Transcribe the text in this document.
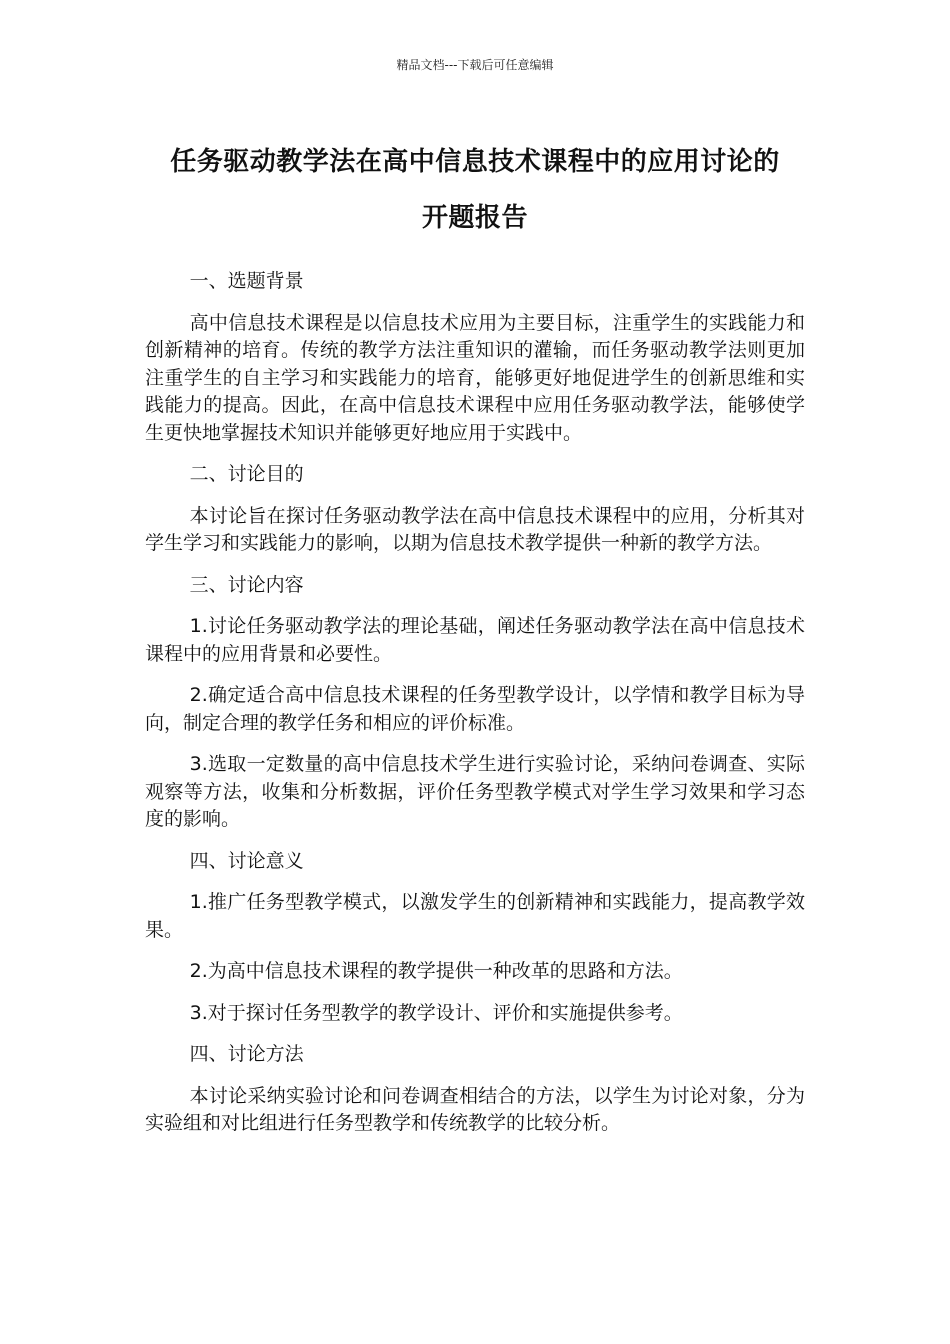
精品文档---下载后可任意编辑
任务驱动教学法在高中信息技术课程中的应用讨论的
开题报告

一、选题背景

高中信息技术课程是以信息技术应用为主要目标，注重学生的实践能力和创新精神的培育。传统的教学方法注重知识的灌输，而任务驱动教学法则更加注重学生的自主学习和实践能力的培育，能够更好地促进学生的创新思维和实践能力的提高。因此，在高中信息技术课程中应用任务驱动教学法，能够使学生更快地掌握技术知识并能够更好地应用于实践中。

二、讨论目的

本讨论旨在探讨任务驱动教学法在高中信息技术课程中的应用，分析其对学生学习和实践能力的影响，以期为信息技术教学提供一种新的教学方法。

三、讨论内容

1.讨论任务驱动教学法的理论基础，阐述任务驱动教学法在高中信息技术课程中的应用背景和必要性。

2.确定适合高中信息技术课程的任务型教学设计，以学情和教学目标为导向，制定合理的教学任务和相应的评价标准。

3.选取一定数量的高中信息技术学生进行实验讨论，采纳问卷调查、实际观察等方法，收集和分析数据，评价任务型教学模式对学生学习效果和学习态度的影响。

四、讨论意义

1.推广任务型教学模式，以激发学生的创新精神和实践能力，提高教学效果。

2.为高中信息技术课程的教学提供一种改革的思路和方法。

3.对于探讨任务型教学的教学设计、评价和实施提供参考。

四、讨论方法

本讨论采纳实验讨论和问卷调查相结合的方法，以学生为讨论对象，分为实验组和对比组进行任务型教学和传统教学的比较分析。
